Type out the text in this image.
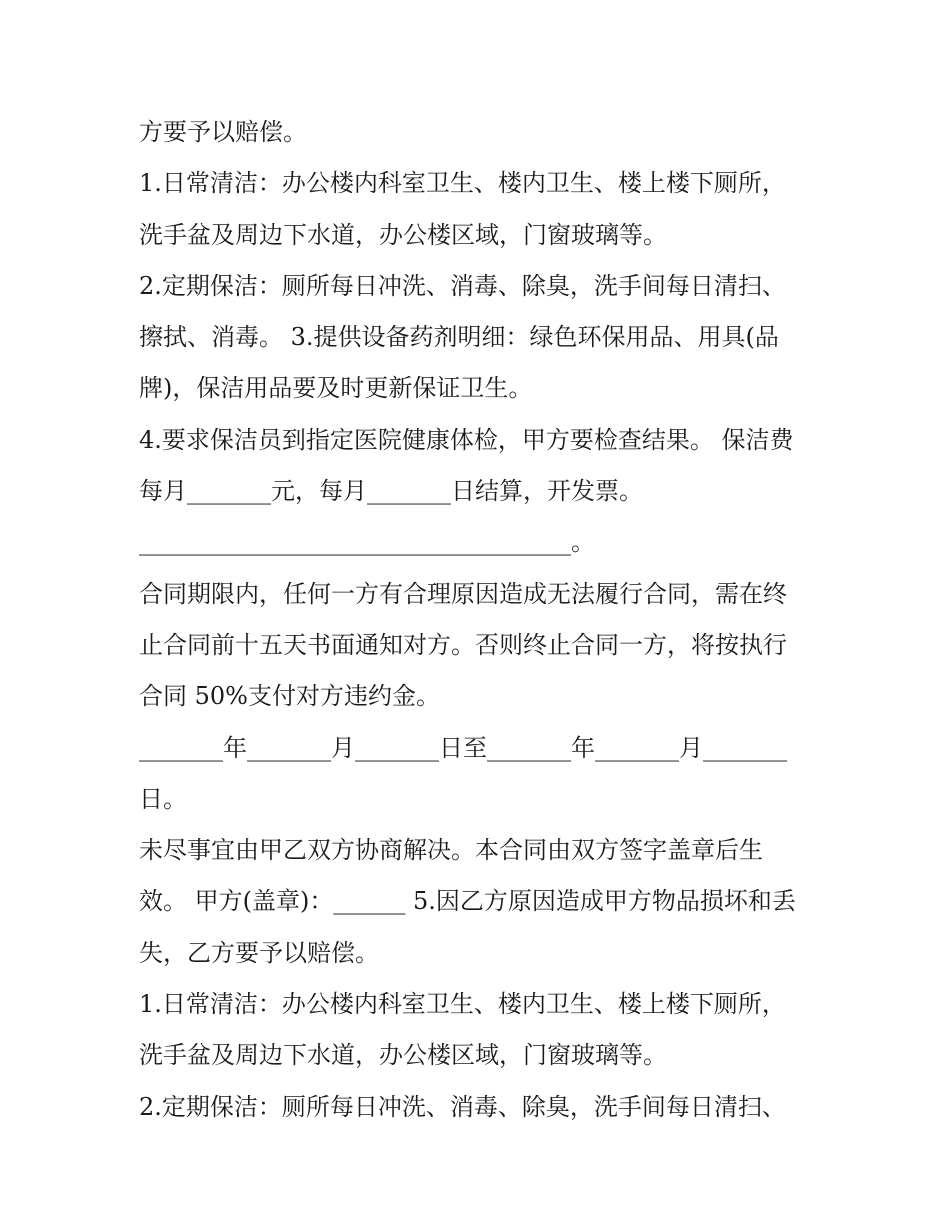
方要予以赔偿。
1.日常清洁：办公楼内科室卫生、楼内卫生、楼上楼下厕所，
洗手盆及周边下水道，办公楼区域，门窗玻璃等。
2.定期保洁：厕所每日冲洗、消毒、除臭，洗手间每日清扫、
擦拭、消毒。 3.提供设备药剂明细：绿色环保用品、用具(品
牌)，保洁用品要及时更新保证卫生。
4.要求保洁员到指定医院健康体检，甲方要检查结果。 保洁费
每月_______元，每月_______日结算，开发票。
____________________________________。
合同期限内，任何一方有合理原因造成无法履行合同，需在终
止合同前十五天书面通知对方。否则终止合同一方，将按执行
合同 50%支付对方违约金。
_______年_______月_______日至_______年_______月_______
日。
未尽事宜由甲乙双方协商解决。本合同由双方签字盖章后生
效。 甲方(盖章)：______ 5.因乙方原因造成甲方物品损坏和丢
失，乙方要予以赔偿。
1.日常清洁：办公楼内科室卫生、楼内卫生、楼上楼下厕所，
洗手盆及周边下水道，办公楼区域，门窗玻璃等。
2.定期保洁：厕所每日冲洗、消毒、除臭，洗手间每日清扫、
